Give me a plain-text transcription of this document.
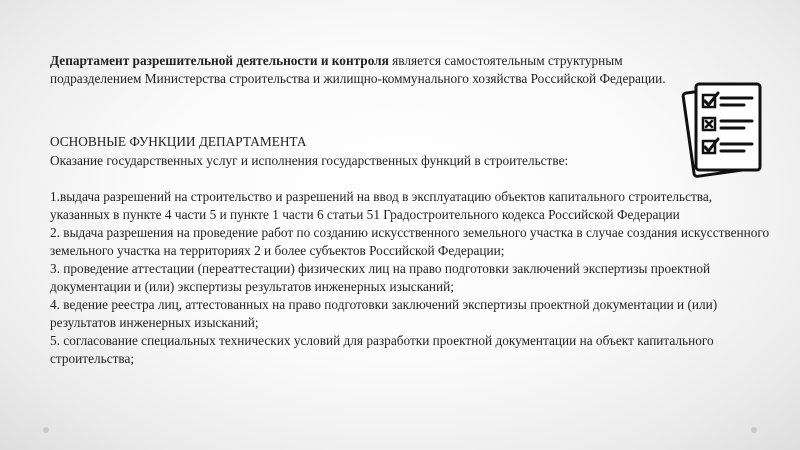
Департамент разрешительной деятельности и контроля является самостоятельным структурным подразделением Министерства строительства и жилищно-коммунального хозяйства Российской Федерации.

ОСНОВНЫЕ ФУНКЦИИ ДЕПАРТАМЕНТА

Оказание государственных услуг и исполнения государственных функций в строительстве:

1.выдача разрешений на строительство и разрешений на ввод в эксплуатацию объектов капитального строительства, указанных в пункте 4 части 5 и пункте 1 части 6 статьи 51 Градостроительного кодекса Российской Федерации
2. выдача разрешения на проведение работ по созданию искусственного земельного участка в случае создания искусственного земельного участка на территориях 2 и более субъектов Российской Федерации;
3. проведение аттестации (переаттестации) физических лиц на право подготовки заключений экспертизы проектной документации и (или) экспертизы результатов инженерных изысканий;
4. ведение реестра лиц, аттестованных на право подготовки заключений экспертизы проектной документации и (или) результатов инженерных изысканий;
5. согласование специальных технических условий для разработки проектной документации на объект капитального строительства;
